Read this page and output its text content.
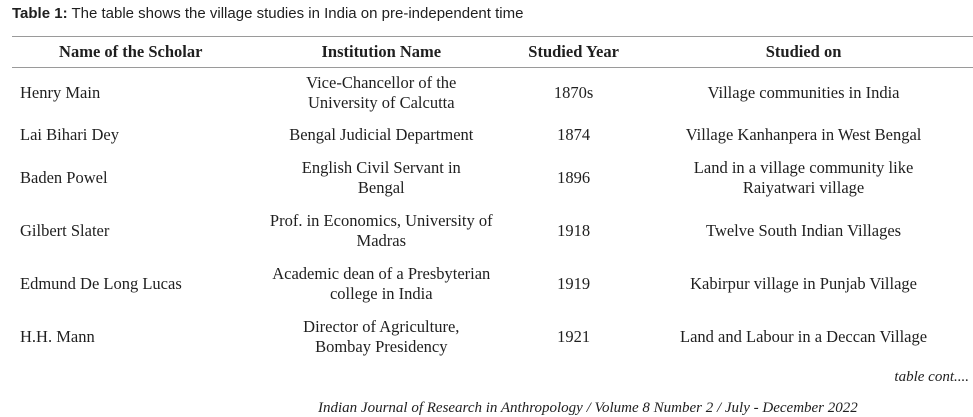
Table 1: The table shows the village studies in India on pre-independent time
Name of the Scholar	Institution Name	Studied Year	Studied on
Henry Main	Vice-Chancellor of the University of Calcutta	1870s	Village communities in India
Lai Bihari Dey	Bengal Judicial Department	1874	Village Kanhanpera in West Bengal
Baden Powel	English Civil Servant in Bengal	1896	Land in a village community like Raiyatwari village
Gilbert Slater	Prof. in Economics, University of Madras	1918	Twelve South Indian Villages
Edmund De Long Lucas	Academic dean of a Presbyterian college in India	1919	Kabirpur village in Punjab Village
H.H. Mann	Director of Agriculture, Bombay Presidency	1921	Land and Labour in a Deccan Village
table cont....
Indian Journal of Research in Anthropology / Volume 8 Number 2 / July - December 2022
